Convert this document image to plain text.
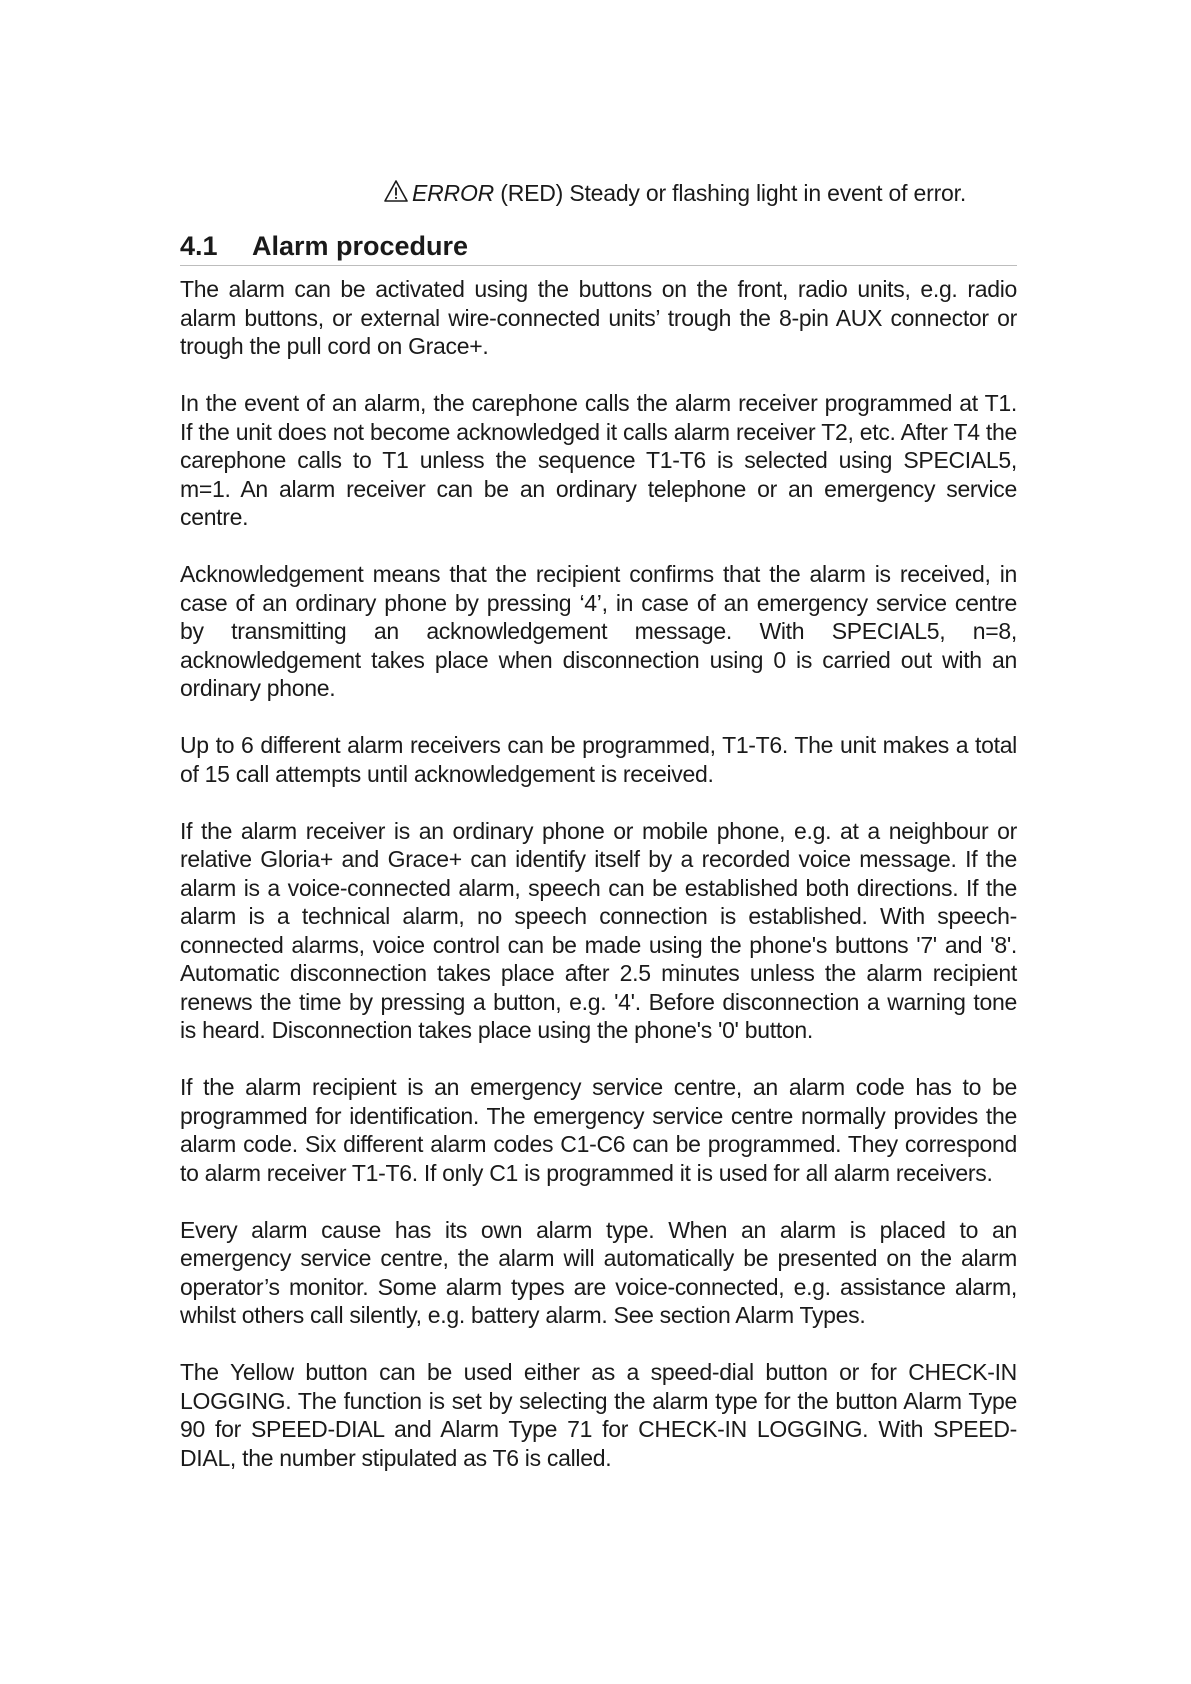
ERROR (RED) Steady or flashing light in event of error.
4.1 Alarm procedure

The alarm can be activated using the buttons on the front, radio units, e.g. radio alarm buttons, or external wire-connected units’ trough the 8-pin AUX connector or trough the pull cord on Grace+.

In the event of an alarm, the carephone calls the alarm receiver programmed at T1. If the unit does not become acknowledged it calls alarm receiver T2, etc. After T4 the carephone calls to T1 unless the sequence T1-T6 is selected using SPECIAL5, m=1. An alarm receiver can be an ordinary telephone or an emergency service centre.

Acknowledgement means that the recipient confirms that the alarm is received, in case of an ordinary phone by pressing ‘4’, in case of an emergency service centre by transmitting an acknowledgement message. With SPECIAL5, n=8, acknowledgement takes place when disconnection using 0 is carried out with an ordinary phone.

Up to 6 different alarm receivers can be programmed, T1-T6. The unit makes a total of 15 call attempts until acknowledgement is received.

If the alarm receiver is an ordinary phone or mobile phone, e.g. at a neighbour or relative Gloria+ and Grace+ can identify itself by a recorded voice message. If the alarm is a voice-connected alarm, speech can be established both directions. If the alarm is a technical alarm, no speech connection is established. With speech-connected alarms, voice control can be made using the phone's buttons '7' and '8'. Automatic disconnection takes place after 2.5 minutes unless the alarm recipient renews the time by pressing a button, e.g. '4'. Before disconnection a warning tone is heard. Disconnection takes place using the phone's '0' button.

If the alarm recipient is an emergency service centre, an alarm code has to be programmed for identification. The emergency service centre normally provides the alarm code. Six different alarm codes C1-C6 can be programmed. They correspond to alarm receiver T1-T6. If only C1 is programmed it is used for all alarm receivers.

Every alarm cause has its own alarm type. When an alarm is placed to an emergency service centre, the alarm will automatically be presented on the alarm operator’s monitor. Some alarm types are voice-connected, e.g. assistance alarm, whilst others call silently, e.g. battery alarm. See section Alarm Types.

The Yellow button can be used either as a speed-dial button or for CHECK-IN LOGGING. The function is set by selecting the alarm type for the button Alarm Type 90 for SPEED-DIAL and Alarm Type 71 for CHECK-IN LOGGING. With SPEED-DIAL, the number stipulated as T6 is called.
